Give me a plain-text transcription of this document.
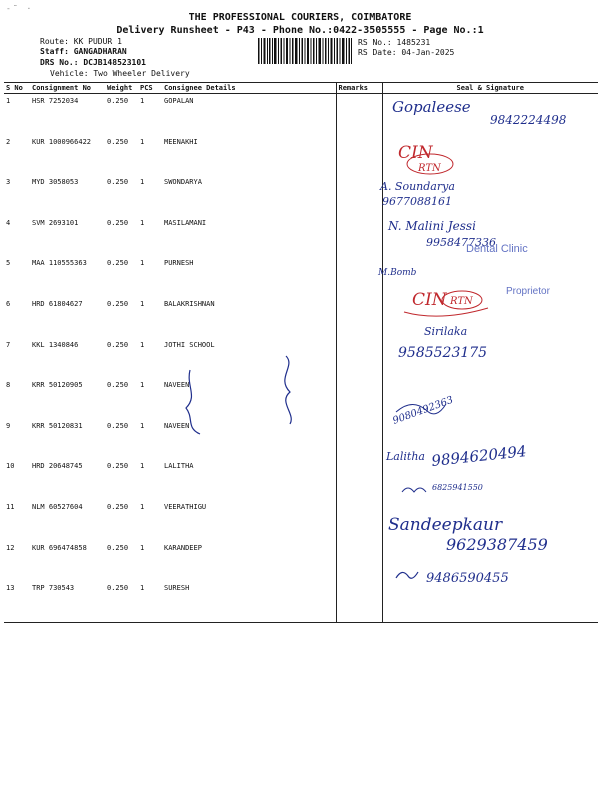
-˜ ·
THE PROFESSIONAL COURIERS, COIMBATORE
Delivery Runsheet - P43 - Phone No.:0422-3505555 - Page No.:1
Route: KK PUDUR 1
Staff: GANGADHARAN
DRS No.: DCJB14852310‌1
Vehicle: Two Wheeler Delivery
RS No.: 1485231
RS Date: 04-Jan-2025
S No	Consignment No	Weight	PCS	Consignee Details	Remarks	Seal & Signature
1	HSR 7252034	0.250	1	GOPALAN		
2	KUR 1000966422	0.250	1	MEENAKHI		
3	MYD 3058053	0.250	1	SWONDARYA		
4	SVM 2693101	0.250	1	MASILAMANI		
5	MAA 110555363	0.250	1	PURNESH		
6	HRD 61804627	0.250	1	BALAKRISHNAN		
7	KKL 1340846	0.250	1	JOTHI SCHOOL		
8	KRR 50120905	0.250	1	NAVEEN		
9	KRR 50120831	0.250	1	NAVEEN		
10	HRD 20648745	0.250	1	LALITHA		
11	NLM 60527604	0.250	1	VEERATHIGU		
12	KUR 696474858	0.250	1	KARANDEEP		
13	TRP 730543	0.250	1	SURESH		
Gopaleese
9842224498
CIN
RTN
A. Soundarya
9677088161
N. Malini Jessi
9958477336
Dental Clinic
M.Bomb
Proprietor
CIN RTN
Sirilaka
9585523175
9080492363
Lalitha 9894620494
6825941550
Sandeepkaur
9629387459
9486590455
